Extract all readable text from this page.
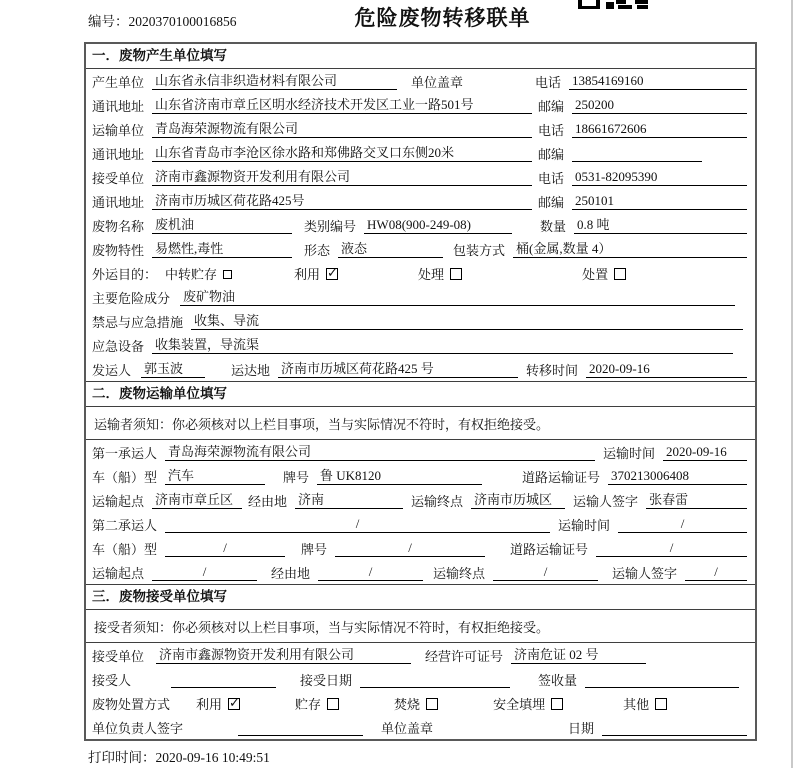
编号：2020370100016856	危险废物转移联单
一．废物产生单位填写
产生单位 山东省永信非织造材料有限公司	单位盖章	电话 13854169160
通讯地址 山东省济南市章丘区明水经济技术开发区工业一路501号	邮编 250200
运输单位 青岛海荣源物流有限公司	电话 18661672606
通讯地址 山东省青岛市李沧区徐水路和郑佛路交叉口东侧20米	邮编
接受单位 济南市鑫源物资开发利用有限公司	电话 0531-82095390
通讯地址 济南市历城区荷花路425号	邮编 250101
废物名称 废机油	类别编号 HW08(900-249-08)	数量 0.8 吨
废物特性 易燃性,毒性	形态 液态	包装方式 桶(金属,数量 4）
外运目的： 中转贮存	利用 ✓	处理	处置
主要危险成分 废矿物油
禁忌与应急措施 收集、导流
应急设备 收集装置，导流渠
发运人 郭玉波	运达地 济南市历城区荷花路425 号	转移时间 2020-09-16
二．废物运输单位填写
运输者须知：你必须核对以上栏目事项，当与实际情况不符时，有权拒绝接受。
第一承运人 青岛海荣源物流有限公司	运输时间 2020-09-16
车（船）型 汽车	牌号 鲁 UK8120	道路运输证号 370213006408
运输起点 济南市章丘区	经由地 济南	运输终点 济南市历城区	运输人签字 张春雷
第二承运人	/	运输时间	/
车（船）型	/	牌号	/	道路运输证号	/
运输起点	/	经由地	/	运输终点	/	运输人签字	/
三．废物接受单位填写
接受者须知：你必须核对以上栏目事项，当与实际情况不符时，有权拒绝接受。
接受单位 济南市鑫源物资开发利用有限公司	经营许可证号 济南危证 02 号
接受人	接受日期	签收量
废物处置方式 利用 ✓	贮存	焚烧	安全填埋	其他
单位负责人签字	单位盖章	日期
打印时间：2020-09-16 10:49:51
